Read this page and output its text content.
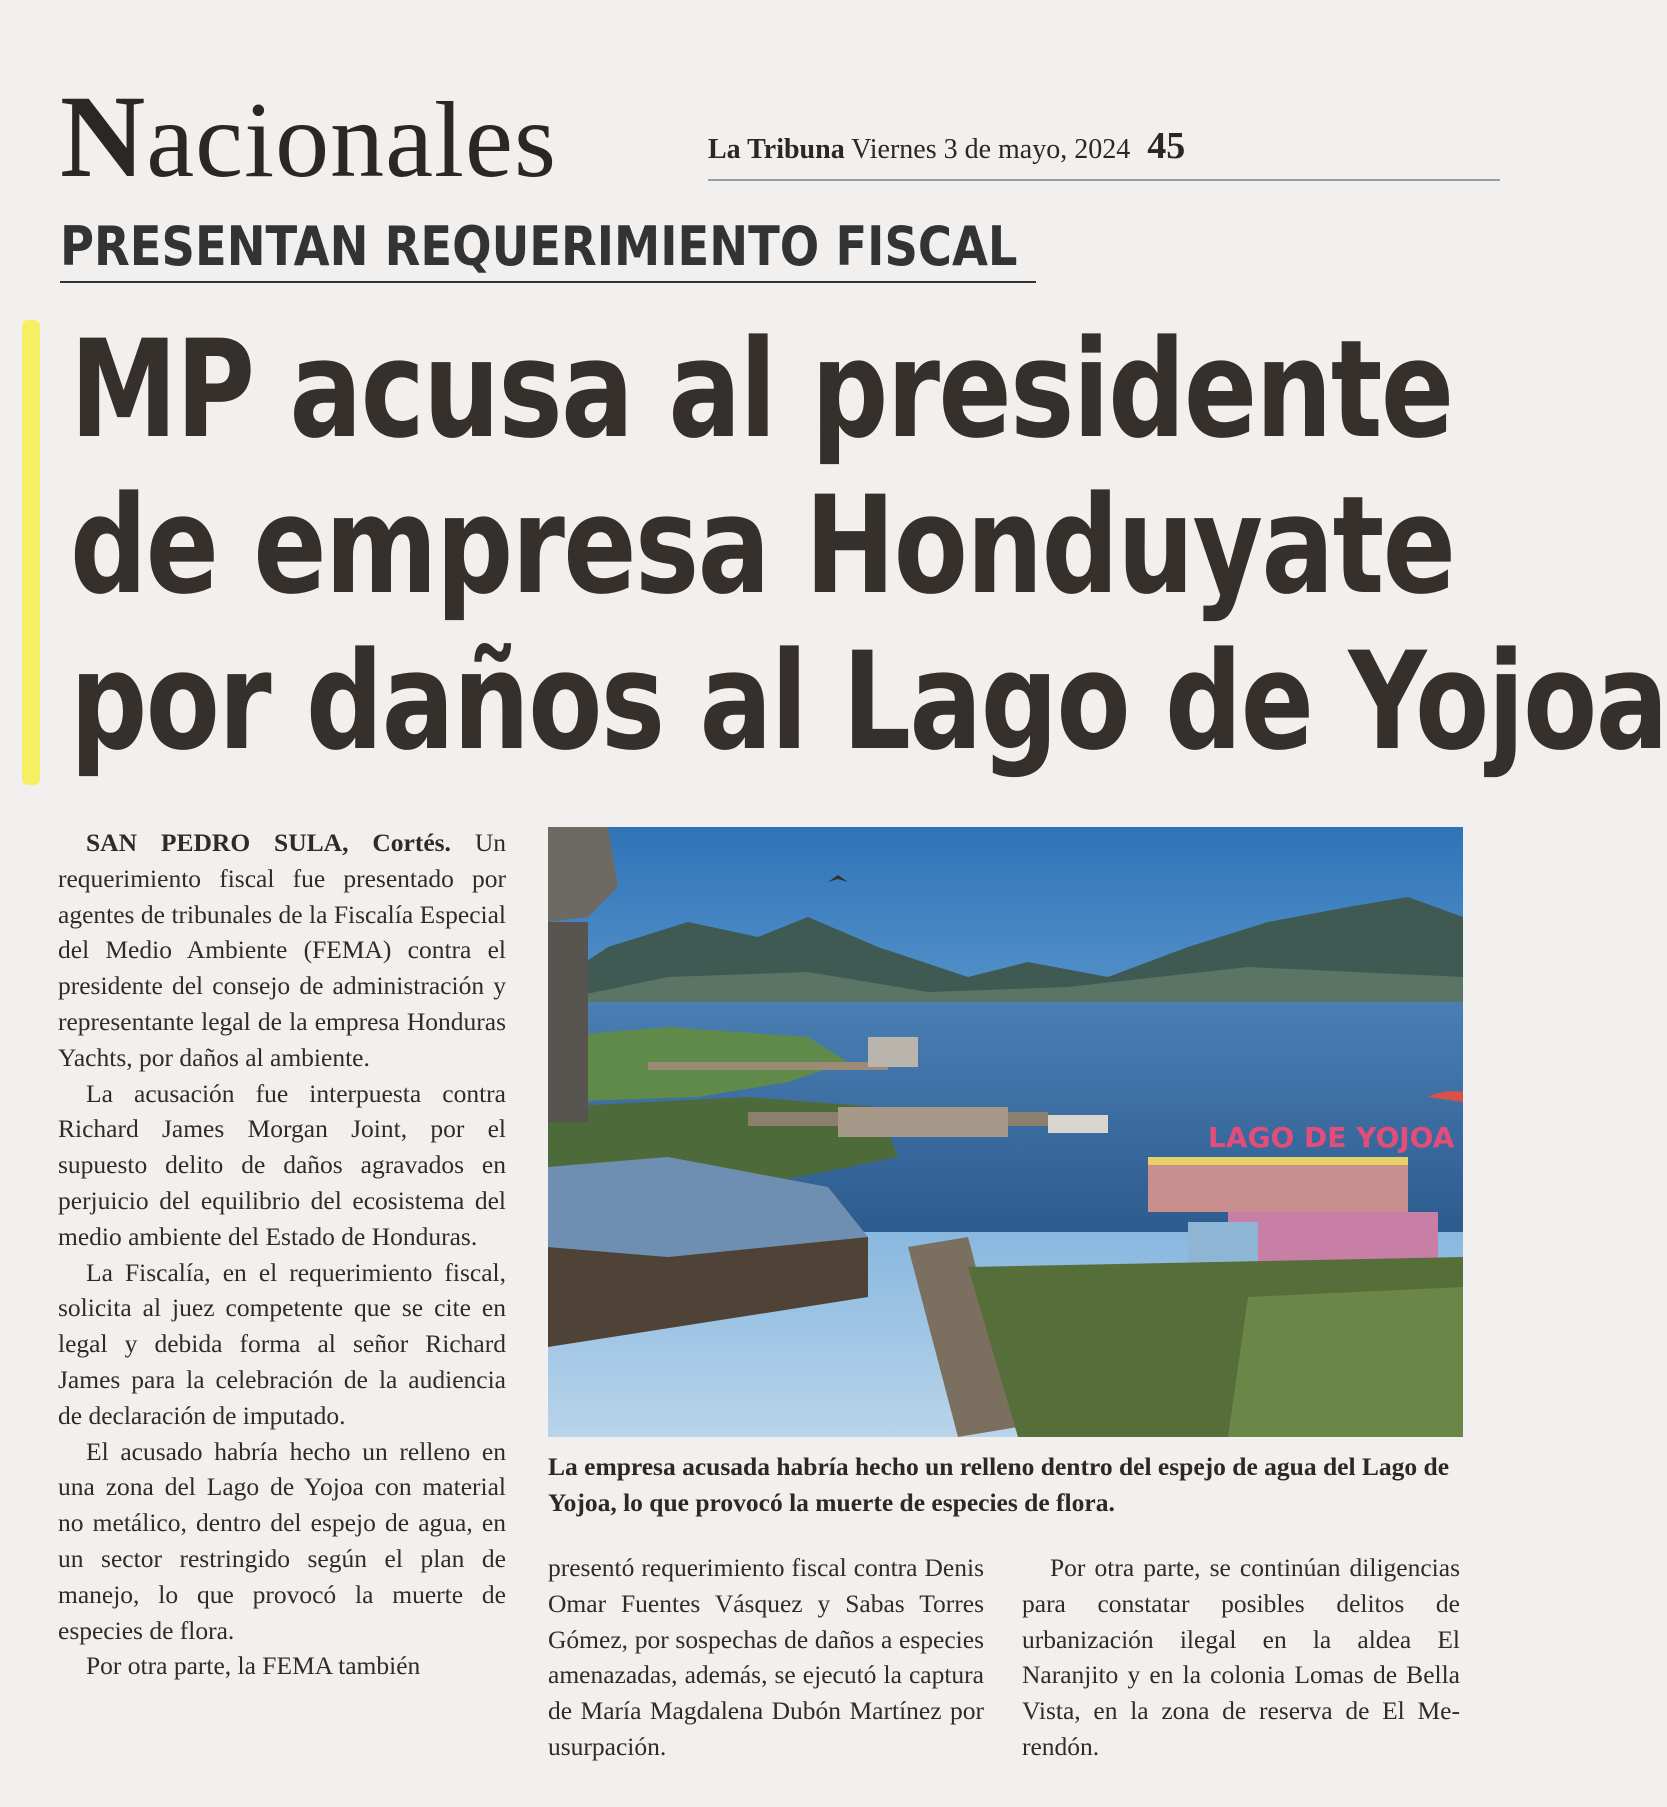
Nacionales	La Tribuna Viernes 3 de mayo, 2024 45
PRESENTAN REQUERIMIENTO FISCAL
MP acusa al presidente
de empresa Honduyate
por daños al Lago de Yojoa

SAN PEDRO SULA, Cortés. Un requerimiento fiscal fue presentado por agentes de tribunales de la Fiscalía Especial del Medio Ambiente (FEMA) contra el presidente del consejo de administración y representante legal de la empresa Honduras Yachts, por daños al ambiente.

La acusación fue interpuesta contra Richard James Morgan Joint, por el supuesto delito de daños agravados en perjuicio del equilibrio del ecosistema del medio ambiente del Estado de Honduras.

La Fiscalía, en el requerimiento fiscal, solicita al juez competente que se cite en legal y debida forma al señor Richard James para la celebración de la audiencia de declaración de imputado.

El acusado habría hecho un relleno en una zona del Lago de Yojoa con material no metálico, dentro del espejo de agua, en un sector restringido según el plan de manejo, lo que provocó la muerte de especies de flora.

Por otra parte, la FEMA también

LAGO DE YOJOA
La empresa acusada habría hecho un relleno dentro del espejo de agua del Lago de Yojoa, lo que provocó la muerte de especies de flora.

presentó requerimiento fiscal contra Denis Omar Fuentes Vásquez y Sabas Torres Gómez, por sospechas de daños a especies amenazadas, además, se ejecutó la captura de María Magdalena Dubón Martínez por usurpación.

Por otra parte, se continúan diligencias para constatar posibles delitos de urbanización ilegal en la aldea El Naranjito y en la colonia Lomas de Bella Vista, en la zona de reserva de El Merendón.
